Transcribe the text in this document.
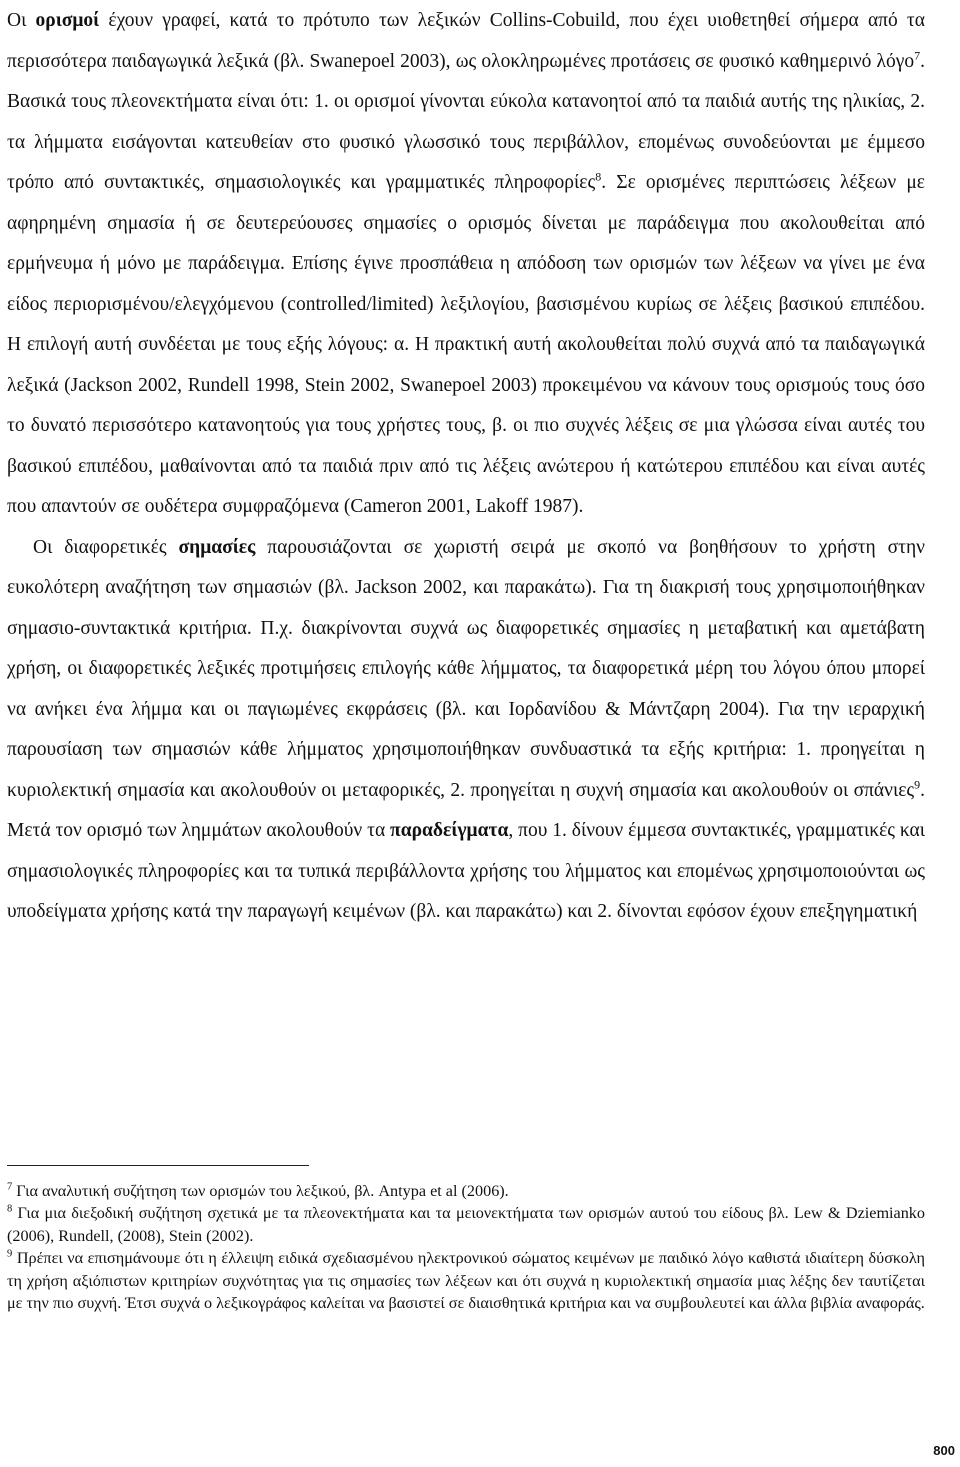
Οι ορισμοί έχουν γραφεί, κατά το πρότυπο των λεξικών Collins-Cobuild, που έχει υιοθετηθεί σήμερα από τα περισσότερα παιδαγωγικά λεξικά (βλ. Swanepoel 2003), ως ολοκληρωμένες προτάσεις σε φυσικό καθημερινό λόγο$^7$. Βασικά τους πλεονεκτήματα είναι ότι: 1. οι ορισμοί γίνονται εύκολα κατανοητοί από τα παιδιά αυτής της ηλικίας, 2. τα λήμματα εισάγονται κατευθείαν στο φυσικό γλωσσικό τους περιβάλλον, επομένως συνοδεύονται με έμμεσο τρόπο από συντακτικές, σημασιολογικές και γραμματικές πληροφορίες$^8$. Σε ορισμένες περιπτώσεις λέξεων με αφηρημένη σημασία ή σε δευτερεύουσες σημασίες ο ορισμός δίνεται με παράδειγμα που ακολουθείται από ερμήνευμα ή μόνο με παράδειγμα. Επίσης έγινε προσπάθεια η απόδοση των ορισμών των λέξεων να γίνει με ένα είδος περιορισμένου/ελεγχόμενου (controlled/limited) λεξιλογίου, βασισμένου κυρίως σε λέξεις βασικού επιπέδου. Η επιλογή αυτή συνδέεται με τους εξής λόγους: α. Η πρακτική αυτή ακολουθείται πολύ συχνά από τα παιδαγωγικά λεξικά (Jackson 2002, Rundell 1998, Stein 2002, Swanepoel 2003) προκειμένου να κάνουν τους ορισμούς τους όσο το δυνατό περισσότερο κατανοητούς για τους χρήστες τους, β. οι πιο συχνές λέξεις σε μια γλώσσα είναι αυτές του βασικού επιπέδου, μαθαίνονται από τα παιδιά πριν από τις λέξεις ανώτερου ή κατώτερου επιπέδου και είναι αυτές που απαντούν σε ουδέτερα συμφραζόμενα (Cameron 2001, Lakoff 1987).

Οι διαφορετικές σημασίες παρουσιάζονται σε χωριστή σειρά με σκοπό να βοηθήσουν το χρήστη στην ευκολότερη αναζήτηση των σημασιών (βλ. Jackson 2002, και παρακάτω). Για τη διακρισή τους χρησιμοποιήθηκαν σημασιο-συντακτικά κριτήρια. Π.χ. διακρίνονται συχνά ως διαφορετικές σημασίες η μεταβατική και αμετάβατη χρήση, οι διαφορετικές λεξικές προτιμήσεις επιλογής κάθε λήμματος, τα διαφορετικά μέρη του λόγου όπου μπορεί να ανήκει ένα λήμμα και οι παγιωμένες εκφράσεις (βλ. και Ιορδανίδου & Μάντζαρη 2004). Για την ιεραρχική παρουσίαση των σημασιών κάθε λήμματος χρησιμοποιήθηκαν συνδυαστικά τα εξής κριτήρια: 1. προηγείται η κυριολεκτική σημασία και ακολουθούν οι μεταφορικές, 2. προηγείται η συχνή σημασία και ακολουθούν οι σπάνιες$^9$. Μετά τον ορισμό των λημμάτων ακολουθούν τα παραδείγματα, που 1. δίνουν έμμεσα συντακτικές, γραμματικές και σημασιολογικές πληροφορίες και τα τυπικά περιβάλλοντα χρήσης του λήμματος και επομένως χρησιμοποιούνται ως υποδείγματα χρήσης κατά την παραγωγή κειμένων (βλ. και παρακάτω) και 2. δίνονται εφόσον έχουν επεξηγηματική

$^7$ Για αναλυτική συζήτηση των ορισμών του λεξικού, βλ. Antypa et al (2006).

$^8$ Για μια διεξοδική συζήτηση σχετικά με τα πλεονεκτήματα και τα μειονεκτήματα των ορισμών αυτού του είδους βλ. Lew & Dziemianko (2006), Rundell, (2008), Stein (2002).

$^9$ Πρέπει να επισημάνουμε ότι η έλλειψη ειδικά σχεδιασμένου ηλεκτρονικού σώματος κειμένων με παιδικό λόγο καθιστά ιδιαίτερη δύσκολη τη χρήση αξιόπιστων κριτηρίων συχνότητας για τις σημασίες των λέξεων και ότι συχνά η κυριολεκτική σημασία μιας λέξης δεν ταυτίζεται με την πιο συχνή. Έτσι συχνά ο λεξικογράφος καλείται να βασιστεί σε διαισθητικά κριτήρια και να συμβουλευτεί και άλλα βιβλία αναφοράς.

800
